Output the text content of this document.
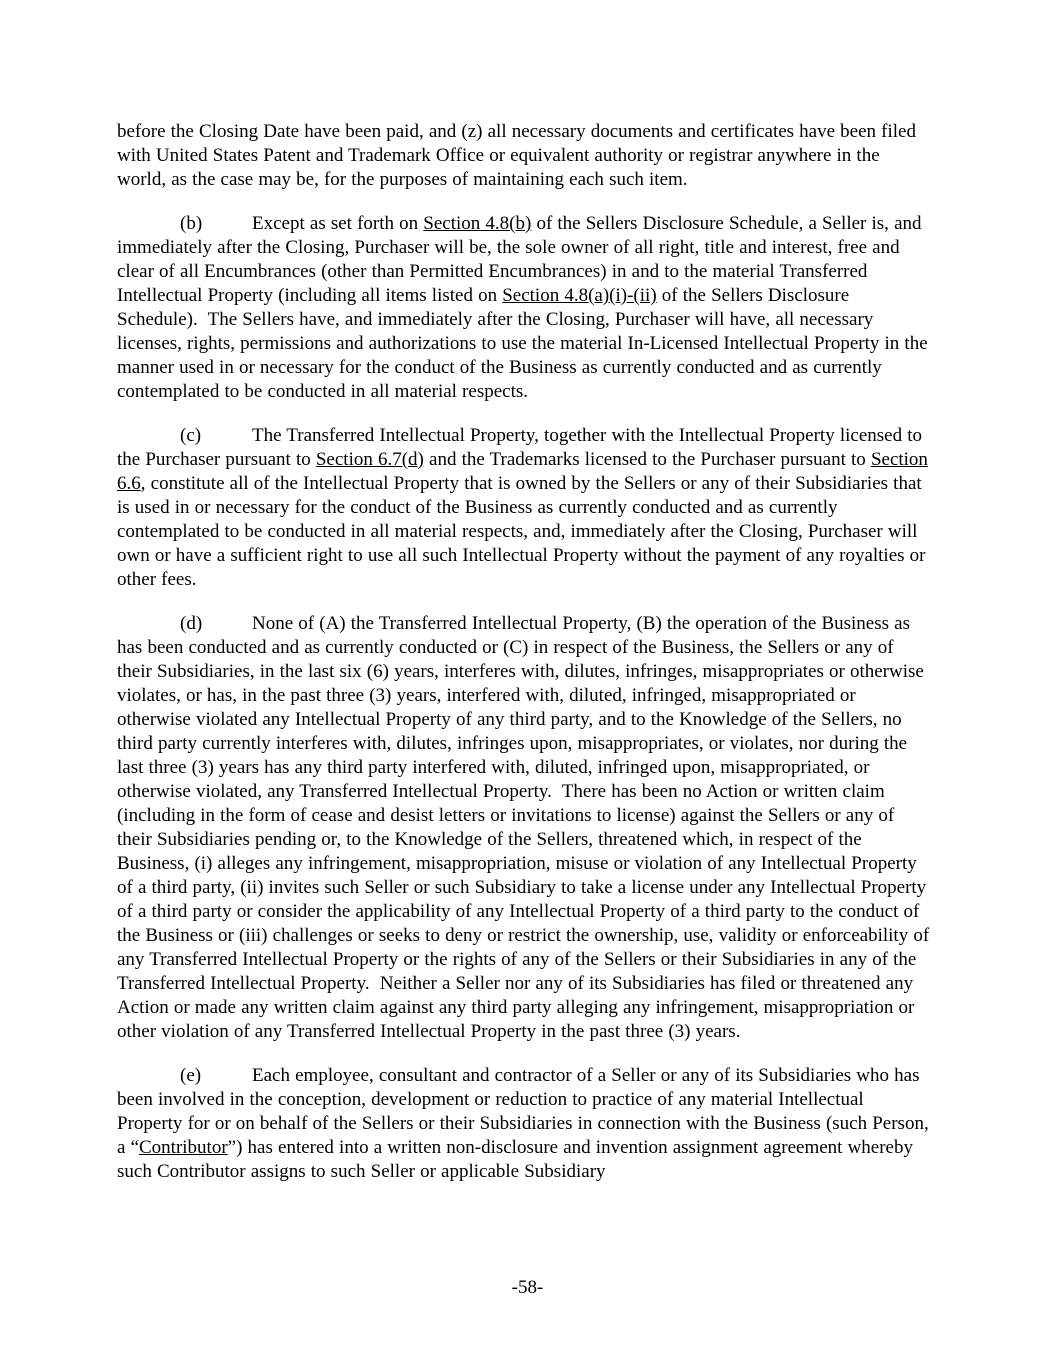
before the Closing Date have been paid, and (z) all necessary documents and certificates have been filed with United States Patent and Trademark Office or equivalent authority or registrar anywhere in the world, as the case may be, for the purposes of maintaining each such item.

(b)	Except as set forth on Section 4.8(b) of the Sellers Disclosure Schedule, a Seller is, and immediately after the Closing, Purchaser will be, the sole owner of all right, title and interest, free and clear of all Encumbrances (other than Permitted Encumbrances) in and to the material Transferred Intellectual Property (including all items listed on Section 4.8(a)(i)-(ii) of the Sellers Disclosure Schedule).  The Sellers have, and immediately after the Closing, Purchaser will have, all necessary licenses, rights, permissions and authorizations to use the material In-Licensed Intellectual Property in the manner used in or necessary for the conduct of the Business as currently conducted and as currently contemplated to be conducted in all material respects.

(c)	The Transferred Intellectual Property, together with the Intellectual Property licensed to the Purchaser pursuant to Section 6.7(d) and the Trademarks licensed to the Purchaser pursuant to Section 6.6, constitute all of the Intellectual Property that is owned by the Sellers or any of their Subsidiaries that is used in or necessary for the conduct of the Business as currently conducted and as currently contemplated to be conducted in all material respects, and, immediately after the Closing, Purchaser will own or have a sufficient right to use all such Intellectual Property without the payment of any royalties or other fees.

(d)	None of (A) the Transferred Intellectual Property, (B) the operation of the Business as has been conducted and as currently conducted or (C) in respect of the Business, the Sellers or any of their Subsidiaries, in the last six (6) years, interferes with, dilutes, infringes, misappropriates or otherwise violates, or has, in the past three (3) years, interfered with, diluted, infringed, misappropriated or otherwise violated any Intellectual Property of any third party, and to the Knowledge of the Sellers, no third party currently interferes with, dilutes, infringes upon, misappropriates, or violates, nor during the last three (3) years has any third party interfered with, diluted, infringed upon, misappropriated, or otherwise violated, any Transferred Intellectual Property.  There has been no Action or written claim (including in the form of cease and desist letters or invitations to license) against the Sellers or any of their Subsidiaries pending or, to the Knowledge of the Sellers, threatened which, in respect of the Business, (i) alleges any infringement, misappropriation, misuse or violation of any Intellectual Property of a third party, (ii) invites such Seller or such Subsidiary to take a license under any Intellectual Property of a third party or consider the applicability of any Intellectual Property of a third party to the conduct of the Business or (iii) challenges or seeks to deny or restrict the ownership, use, validity or enforceability of any Transferred Intellectual Property or the rights of any of the Sellers or their Subsidiaries in any of the Transferred Intellectual Property.  Neither a Seller nor any of its Subsidiaries has filed or threatened any Action or made any written claim against any third party alleging any infringement, misappropriation or other violation of any Transferred Intellectual Property in the past three (3) years.

(e)	Each employee, consultant and contractor of a Seller or any of its Subsidiaries who has been involved in the conception, development or reduction to practice of any material Intellectual Property for or on behalf of the Sellers or their Subsidiaries in connection with the Business (such Person, a “Contributor”) has entered into a written non-disclosure and invention assignment agreement whereby such Contributor assigns to such Seller or applicable Subsidiary

-58-
